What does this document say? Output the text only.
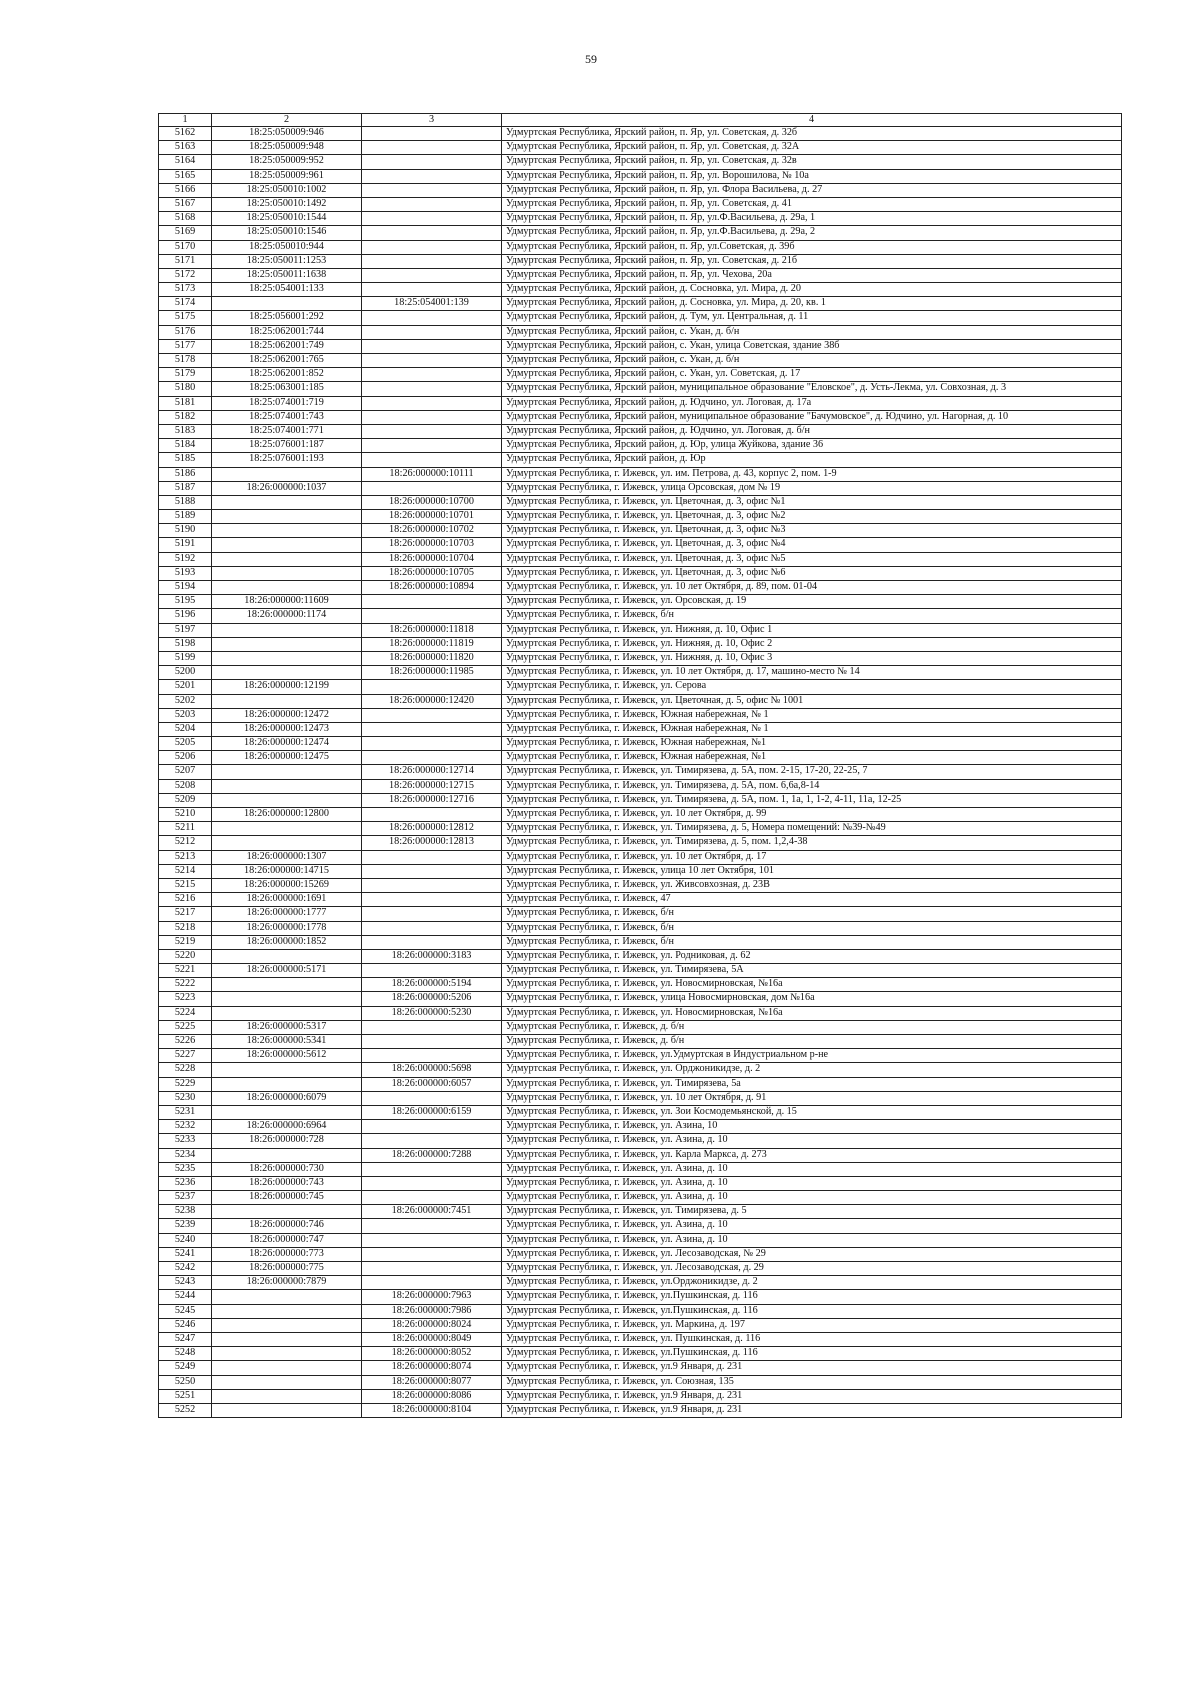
59
1	2	3	4
5162	18:25:050009:946		Удмуртская Республика, Ярский район, п. Яр, ул. Советская, д. 32б
5163	18:25:050009:948		Удмуртская Республика, Ярский район, п. Яр, ул. Советская, д. 32А
5164	18:25:050009:952		Удмуртская Республика, Ярский район, п. Яр, ул. Советская, д. 32в
5165	18:25:050009:961		Удмуртская Республика, Ярский район, п. Яр, ул. Ворошилова, № 10а
5166	18:25:050010:1002		Удмуртская Республика, Ярский район, п. Яр, ул. Флора Васильева, д. 27
5167	18:25:050010:1492		Удмуртская Республика, Ярский район, п. Яр, ул. Советская, д. 41
5168	18:25:050010:1544		Удмуртская Республика, Ярский район, п. Яр, ул.Ф.Васильева, д. 29а, 1
5169	18:25:050010:1546		Удмуртская Республика, Ярский район, п. Яр, ул.Ф.Васильева, д. 29а, 2
5170	18:25:050010:944		Удмуртская Республика, Ярский район, п. Яр, ул.Советская, д. 39б
5171	18:25:050011:1253		Удмуртская Республика, Ярский район, п. Яр, ул. Советская, д. 21б
5172	18:25:050011:1638		Удмуртская Республика, Ярский район, п. Яр, ул. Чехова, 20а
5173	18:25:054001:133		Удмуртская Республика, Ярский район, д. Сосновка, ул. Мира, д. 20
5174		18:25:054001:139	Удмуртская Республика, Ярский район, д. Сосновка, ул. Мира, д. 20, кв. 1
5175	18:25:056001:292		Удмуртская Республика, Ярский район, д. Тум, ул. Центральная, д. 11
5176	18:25:062001:744		Удмуртская Республика, Ярский район, с. Укан, д. б/н
5177	18:25:062001:749		Удмуртская Республика, Ярский район, с. Укан, улица Советская, здание 38б
5178	18:25:062001:765		Удмуртская Республика, Ярский район, с. Укан, д. б/н
5179	18:25:062001:852		Удмуртская Республика, Ярский район, с. Укан, ул. Советская, д. 17
5180	18:25:063001:185		Удмуртская Республика, Ярский район, муниципальное образование "Еловское", д. Усть-Лекма, ул. Совхозная, д. 3
5181	18:25:074001:719		Удмуртская Республика, Ярский район, д. Юдчино, ул. Логовая, д. 17а
5182	18:25:074001:743		Удмуртская Республика, Ярский район, муниципальное образование "Бачумовское", д. Юдчино, ул. Нагорная, д. 10
5183	18:25:074001:771		Удмуртская Республика, Ярский район, д. Юдчино, ул. Логовая, д. б/н
5184	18:25:076001:187		Удмуртская Республика, Ярский район, д. Юр, улица Жуйкова, здание 36
5185	18:25:076001:193		Удмуртская Республика, Ярский район, д. Юр
5186		18:26:000000:10111	Удмуртская Республика, г. Ижевск, ул. им. Петрова, д. 43, корпус 2, пом. 1-9
5187	18:26:000000:1037		Удмуртская Республика, г. Ижевск, улица Орсовская, дом № 19
5188		18:26:000000:10700	Удмуртская Республика, г. Ижевск, ул. Цветочная, д. 3, офис №1
5189		18:26:000000:10701	Удмуртская Республика, г. Ижевск, ул. Цветочная, д. 3, офис №2
5190		18:26:000000:10702	Удмуртская Республика, г. Ижевск, ул. Цветочная, д. 3, офис №3
5191		18:26:000000:10703	Удмуртская Республика, г. Ижевск, ул. Цветочная, д. 3, офис №4
5192		18:26:000000:10704	Удмуртская Республика, г. Ижевск, ул. Цветочная, д. 3, офис №5
5193		18:26:000000:10705	Удмуртская Республика, г. Ижевск, ул. Цветочная, д. 3, офис №6
5194		18:26:000000:10894	Удмуртская Республика, г. Ижевск, ул. 10 лет Октября, д. 89, пом. 01-04
5195	18:26:000000:11609		Удмуртская Республика, г. Ижевск, ул. Орсовская, д. 19
5196	18:26:000000:1174		Удмуртская Республика, г. Ижевск, б/н
5197		18:26:000000:11818	Удмуртская Республика, г. Ижевск, ул. Нижняя, д. 10, Офис 1
5198		18:26:000000:11819	Удмуртская Республика, г. Ижевск, ул. Нижняя, д. 10, Офис 2
5199		18:26:000000:11820	Удмуртская Республика, г. Ижевск, ул. Нижняя, д. 10, Офис 3
5200		18:26:000000:11985	Удмуртская Республика, г. Ижевск, ул. 10 лет Октября, д. 17, машино-место № 14
5201	18:26:000000:12199		Удмуртская Республика, г. Ижевск, ул. Серова
5202		18:26:000000:12420	Удмуртская Республика, г. Ижевск, ул. Цветочная, д. 5, офис № 1001
5203	18:26:000000:12472		Удмуртская Республика, г. Ижевск, Южная набережная, № 1
5204	18:26:000000:12473		Удмуртская Республика, г. Ижевск, Южная набережная, № 1
5205	18:26:000000:12474		Удмуртская Республика, г. Ижевск, Южная набережная, №1
5206	18:26:000000:12475		Удмуртская Республика, г. Ижевск, Южная набережная, №1
5207		18:26:000000:12714	Удмуртская Республика, г. Ижевск, ул. Тимирязева, д. 5А, пом. 2-15, 17-20, 22-25, 7
5208		18:26:000000:12715	Удмуртская Республика, г. Ижевск, ул. Тимирязева, д. 5А, пом. 6,6а,8-14
5209		18:26:000000:12716	Удмуртская Республика, г. Ижевск, ул. Тимирязева, д. 5А, пом. 1, 1а, 1, 1-2, 4-11, 11а, 12-25
5210	18:26:000000:12800		Удмуртская Республика, г. Ижевск, ул. 10 лет Октября, д. 99
5211		18:26:000000:12812	Удмуртская Республика, г. Ижевск, ул. Тимирязева, д. 5, Номера помещений: №39-№49
5212		18:26:000000:12813	Удмуртская Республика, г. Ижевск, ул. Тимирязева, д. 5, пом. 1,2,4-38
5213	18:26:000000:1307		Удмуртская Республика, г. Ижевск, ул. 10 лет Октября, д. 17
5214	18:26:000000:14715		Удмуртская Республика, г. Ижевск, улица 10 лет Октября, 101
5215	18:26:000000:15269		Удмуртская Республика, г. Ижевск, ул. Живсовхозная, д. 23В
5216	18:26:000000:1691		Удмуртская Республика, г. Ижевск, 47
5217	18:26:000000:1777		Удмуртская Республика, г. Ижевск, б/н
5218	18:26:000000:1778		Удмуртская Республика, г. Ижевск, б/н
5219	18:26:000000:1852		Удмуртская Республика, г. Ижевск, б/н
5220		18:26:000000:3183	Удмуртская Республика, г. Ижевск, ул. Родниковая, д. 62
5221	18:26:000000:5171		Удмуртская Республика, г. Ижевск, ул. Тимирязева, 5А
5222		18:26:000000:5194	Удмуртская Республика, г. Ижевск, ул. Новосмирновская, №16а
5223		18:26:000000:5206	Удмуртская Республика, г. Ижевск, улица Новосмирновская, дом №16а
5224		18:26:000000:5230	Удмуртская Республика, г. Ижевск, ул. Новосмирновская, №16а
5225	18:26:000000:5317		Удмуртская Республика, г. Ижевск, д. б/н
5226	18:26:000000:5341		Удмуртская Республика, г. Ижевск, д. б/н
5227	18:26:000000:5612		Удмуртская Республика, г. Ижевск, ул.Удмуртская в Индустриальном р-не
5228		18:26:000000:5698	Удмуртская Республика, г. Ижевск, ул. Орджоникидзе, д. 2
5229		18:26:000000:6057	Удмуртская Республика, г. Ижевск, ул. Тимирязева, 5а
5230	18:26:000000:6079		Удмуртская Республика, г. Ижевск, ул. 10 лет Октября, д. 91
5231		18:26:000000:6159	Удмуртская Республика, г. Ижевск, ул. Зои Космодемьянской, д. 15
5232	18:26:000000:6964		Удмуртская Республика, г. Ижевск, ул. Азина, 10
5233	18:26:000000:728		Удмуртская Республика, г. Ижевск, ул. Азина, д. 10
5234		18:26:000000:7288	Удмуртская Республика, г. Ижевск, ул. Карла Маркса, д. 273
5235	18:26:000000:730		Удмуртская Республика, г. Ижевск, ул. Азина, д. 10
5236	18:26:000000:743		Удмуртская Республика, г. Ижевск, ул. Азина, д. 10
5237	18:26:000000:745		Удмуртская Республика, г. Ижевск, ул. Азина, д. 10
5238		18:26:000000:7451	Удмуртская Республика, г. Ижевск, ул. Тимирязева, д. 5
5239	18:26:000000:746		Удмуртская Республика, г. Ижевск, ул. Азина, д. 10
5240	18:26:000000:747		Удмуртская Республика, г. Ижевск, ул. Азина, д. 10
5241	18:26:000000:773		Удмуртская Республика, г. Ижевск, ул. Лесозаводская, № 29
5242	18:26:000000:775		Удмуртская Республика, г. Ижевск, ул. Лесозаводская, д. 29
5243	18:26:000000:7879		Удмуртская Республика, г. Ижевск, ул.Орджоникидзе, д. 2
5244		18:26:000000:7963	Удмуртская Республика, г. Ижевск, ул.Пушкинская, д. 116
5245		18:26:000000:7986	Удмуртская Республика, г. Ижевск, ул.Пушкинская, д. 116
5246		18:26:000000:8024	Удмуртская Республика, г. Ижевск, ул. Маркина, д. 197
5247		18:26:000000:8049	Удмуртская Республика, г. Ижевск, ул. Пушкинская, д. 116
5248		18:26:000000:8052	Удмуртская Республика, г. Ижевск, ул.Пушкинская, д. 116
5249		18:26:000000:8074	Удмуртская Республика, г. Ижевск, ул.9 Января, д. 231
5250		18:26:000000:8077	Удмуртская Республика, г. Ижевск, ул. Союзная, 135
5251		18:26:000000:8086	Удмуртская Республика, г. Ижевск, ул.9 Января, д. 231
5252		18:26:000000:8104	Удмуртская Республика, г. Ижевск, ул.9 Января, д. 231
